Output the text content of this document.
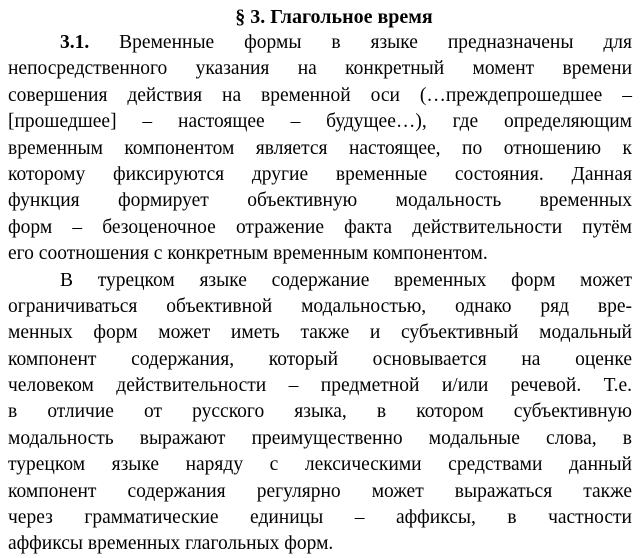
§ 3. Глагольное время
3.1. Временные формы в языке предназначены для
непосредственного указания на конкретный момент времени
совершения действия на временной оси (…преждепрошедшее –
[прошедшее] – настоящее – будущее…), где определяющим
временным компонентом является настоящее, по отношению к
которому фиксируются другие временные состояния. Данная
функция формирует объективную модальность временных
форм – безоценочное отражение факта действительности путём
его соотношения с конкретным временным компонентом.
В турецком языке содержание временных форм может
ограничиваться объективной модальностью, однако ряд вре-
менных форм может иметь также и субъективный модальный
компонент содержания, который основывается на оценке
человеком действительности – предметной и/или речевой. Т.е.
в отличие от русского языка, в котором субъективную
модальность выражают преимущественно модальные слова, в
турецком языке наряду с лексическими средствами данный
компонент содержания регулярно может выражаться также
через грамматические единицы – аффиксы, в частности
аффиксы временных глагольных форм.
